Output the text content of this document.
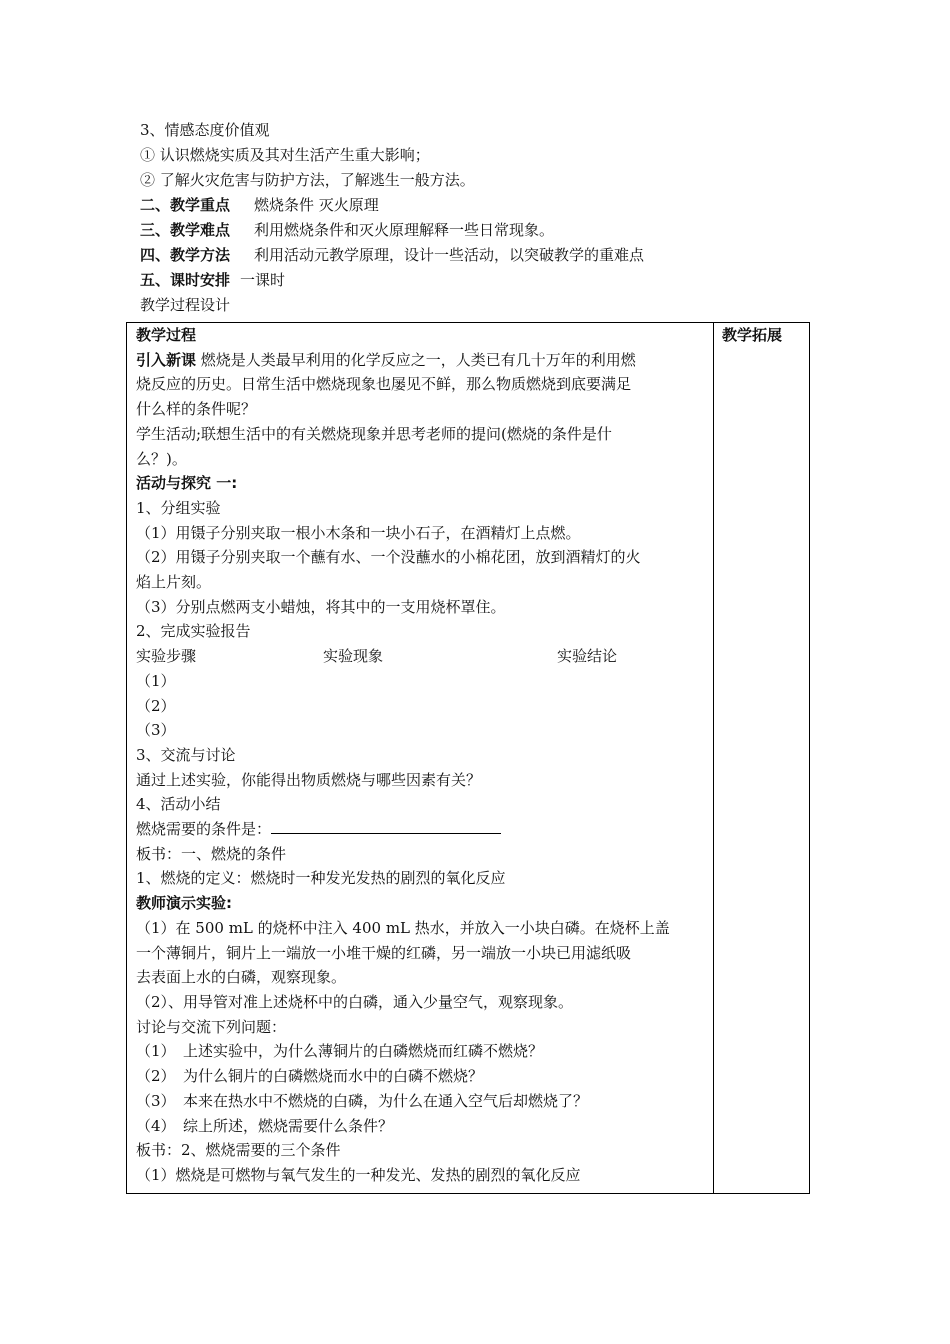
3、情感态度价值观
① 认识燃烧实质及其对生活产生重大影响；
② 了解火灾危害与防护方法，了解逃生一般方法。
二、教学重点 燃烧条件 灭火原理
三、教学难点 利用燃烧条件和灭火原理解释一些日常现象。
四、教学方法 利用活动元教学原理，设计一些活动，以突破教学的重难点
五、课时安排 一课时
教学过程设计
教学过程
引入新课 燃烧是人类最早利用的化学反应之一，人类已有几十万年的利用燃
烧反应的历史。日常生活中燃烧现象也屡见不鲜，那么物质燃烧到底要满足
什么样的条件呢？
学生活动;联想生活中的有关燃烧现象并思考老师的提问(燃烧的条件是什
么？)。
活动与探究 一:
1、分组实验
（1）用镊子分别夹取一根小木条和一块小石子，在酒精灯上点燃。
（2）用镊子分别夹取一个蘸有水、一个没蘸水的小棉花团，放到酒精灯的火
焰上片刻。
（3）分别点燃两支小蜡烛，将其中的一支用烧杯罩住。
2、完成实验报告
实验步骤	实验现象	实验结论
（1）
（2）
（3）
3、交流与讨论
通过上述实验，你能得出物质燃烧与哪些因素有关？
4、活动小结
燃烧需要的条件是：
板书：一、燃烧的条件
1、燃烧的定义：燃烧时一种发光发热的剧烈的氧化反应
教师演示实验:
（1）在 500 mL 的烧杯中注入 400 mL 热水，并放入一小块白磷。在烧杯上盖
一个薄铜片，铜片上一端放一小堆干燥的红磷，另一端放一小块已用滤纸吸
去表面上水的白磷，观察现象。
（2）、用导管对准上述烧杯中的白磷，通入少量空气，观察现象。
讨论与交流下列问题：
（1）　上述实验中，为什么薄铜片的白磷燃烧而红磷不燃烧？
（2）　为什么铜片的白磷燃烧而水中的白磷不燃烧？
（3）　本来在热水中不燃烧的白磷，为什么在通入空气后却燃烧了？
（4）　综上所述，燃烧需要什么条件？
板书：2、燃烧需要的三个条件
（1）燃烧是可燃物与氧气发生的一种发光、发热的剧烈的氧化反应
教学拓展
